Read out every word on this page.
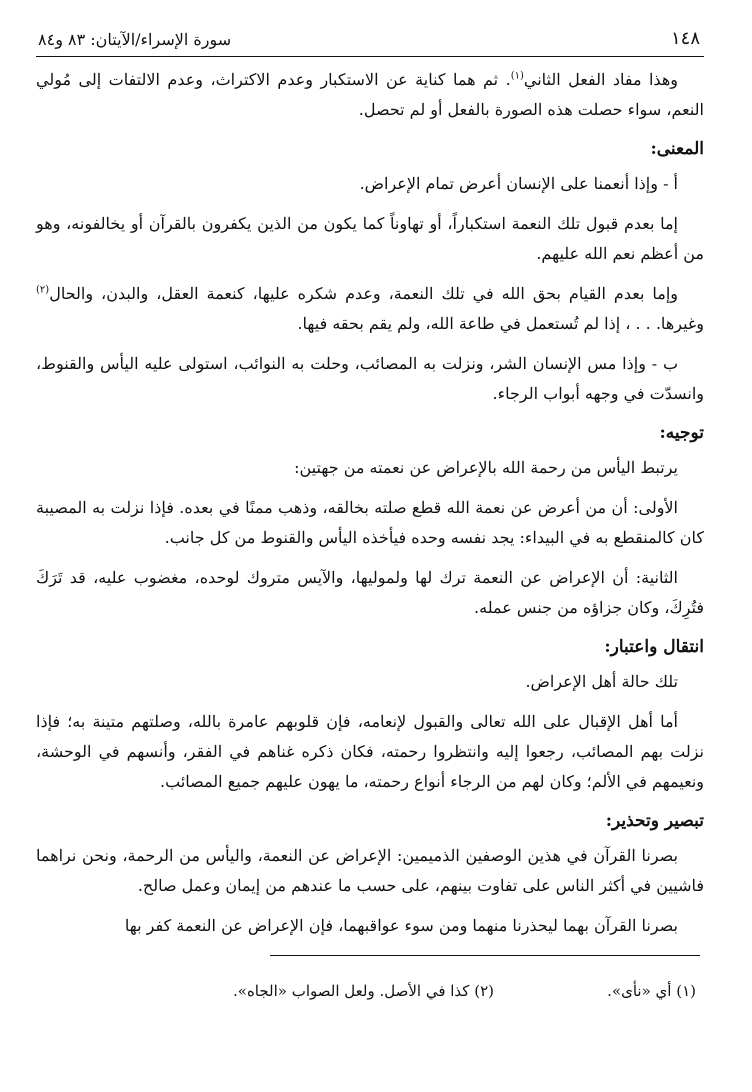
١٤٨
سورة الإسراء/الآيتان: ٨٣ و٨٤

وهذا مفاد الفعل الثاني$^{(١)}$. ثم هما كناية عن الاستكبار وعدم الاكتراث، وعدم الالتفات إلى مُولي النعم، سواء حصلت هذه الصورة بالفعل أو لم تحصل.

المعنى:

أ - وإذا أنعمنا على الإنسان أعرض تمام الإعراض.

إما بعدم قبول تلك النعمة استكباراً، أو تهاوناً كما يكون من الذين يكفرون بالقرآن أو يخالفونه، وهو من أعظم نعم الله عليهم.

وإما بعدم القيام بحق الله في تلك النعمة، وعدم شكره عليها، كنعمة العقل، والبدن، والحال$^{(٢)}$ وغيرها. . . ، إذا لم تُستعمل في طاعة الله، ولم يقم بحقه فيها.

ب - وإذا مس الإنسان الشر، ونزلت به المصائب، وحلت به النوائب، استولى عليه اليأس والقنوط، وانسدّت في وجهه أبواب الرجاء.

توجيه:

يرتبط اليأس من رحمة الله بالإعراض عن نعمته من جهتين:

الأولى: أن من أعرض عن نعمة الله قطع صلته بخالقه، وذهب ممنًا في بعده. فإذا نزلت به المصيبة كان كالمنقطع به في البيداء: يجد نفسه وحده فيأخذه اليأس والقنوط من كل جانب.

الثانية: أن الإعراض عن النعمة ترك لها ولموليها، والآيس متروك لوحده، مغضوب عليه، قد تَرَكَ فتُرِكَ، وكان جزاؤه من جنس عمله.

انتقال واعتبار:

تلك حالة أهل الإعراض.

أما أهل الإقبال على الله تعالى والقبول لإنعامه، فإن قلوبهم عامرة بالله، وصلتهم متينة به؛ فإذا نزلت بهم المصائب، رجعوا إليه وانتظروا رحمته، فكان ذكره غناهم في الفقر، وأنسهم في الوحشة، ونعيمهم في الألم؛ وكان لهم من الرجاء أنواع رحمته، ما يهون عليهم جميع المصائب.

تبصير وتحذير:

بصرنا القرآن في هذين الوصفين الذميمين: الإعراض عن النعمة، واليأس من الرحمة، ونحن نراهما فاشيين في أكثر الناس على تفاوت بينهم، على حسب ما عندهم من إيمان وعمل صالح.

بصرنا القرآن بهما ليحذرنا منهما ومن سوء عواقبهما، فإن الإعراض عن النعمة كفر بها

(١) أي «نأى».
(٢) كذا في الأصل. ولعل الصواب «الجاه».
